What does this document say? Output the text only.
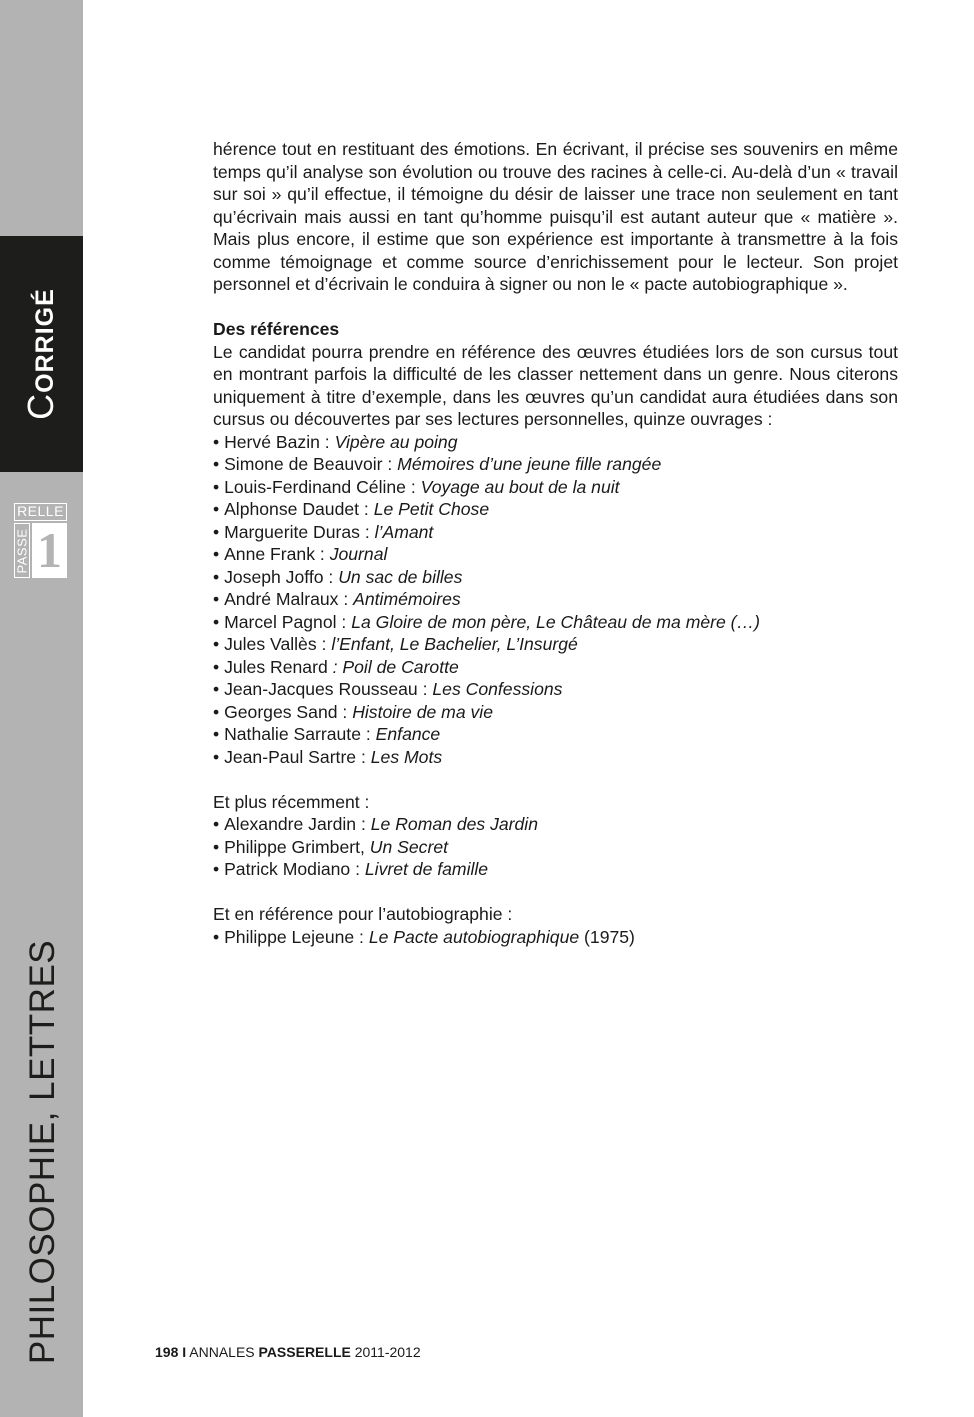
CORRIGÉ
RELLE
PASSE 1
PHILOSOPHIE, LETTRES

hérence tout en restituant des émotions. En écrivant, il précise ses souvenirs en même temps qu’il analyse son évolution ou trouve des racines à celle-ci. Au-delà d’un « travail sur soi » qu’il effectue, il témoigne du désir de laisser une trace non seulement en tant qu’écrivain mais aussi en tant qu’homme puisqu’il est autant auteur que « matière ». Mais plus encore, il estime que son expérience est importante à transmettre à la fois comme témoignage et comme source d’enrichissement pour le lecteur. Son projet personnel et d’écrivain le conduira à signer ou non le « pacte autobiographique ».

Des références

Le candidat pourra prendre en référence des œuvres étudiées lors de son cursus tout en montrant parfois la difficulté de les classer nettement dans un genre. Nous citerons uniquement à titre d’exemple, dans les œuvres qu’un candidat aura étudiées dans son cursus ou découvertes par ses lectures personnelles, quinze ouvrages :

• Hervé Bazin : Vipère au poing
• Simone de Beauvoir : Mémoires d’une jeune fille rangée
• Louis-Ferdinand Céline : Voyage au bout de la nuit
• Alphonse Daudet : Le Petit Chose
• Marguerite Duras : l’Amant
• Anne Frank : Journal
• Joseph Joffo : Un sac de billes
• André Malraux : Antimémoires
• Marcel Pagnol : La Gloire de mon père, Le Château de ma mère (…)
• Jules Vallès : l’Enfant, Le Bachelier, L’Insurgé
• Jules Renard : Poil de Carotte
• Jean-Jacques Rousseau : Les Confessions
• Georges Sand : Histoire de ma vie
• Nathalie Sarraute : Enfance
• Jean-Paul Sartre : Les Mots

Et plus récemment :

• Alexandre Jardin : Le Roman des Jardin
• Philippe Grimbert, Un Secret
• Patrick Modiano : Livret de famille

Et en référence pour l’autobiographie :

• Philippe Lejeune : Le Pacte autobiographique (1975)
198 I ANNALES PASSERELLE 2011-2012
